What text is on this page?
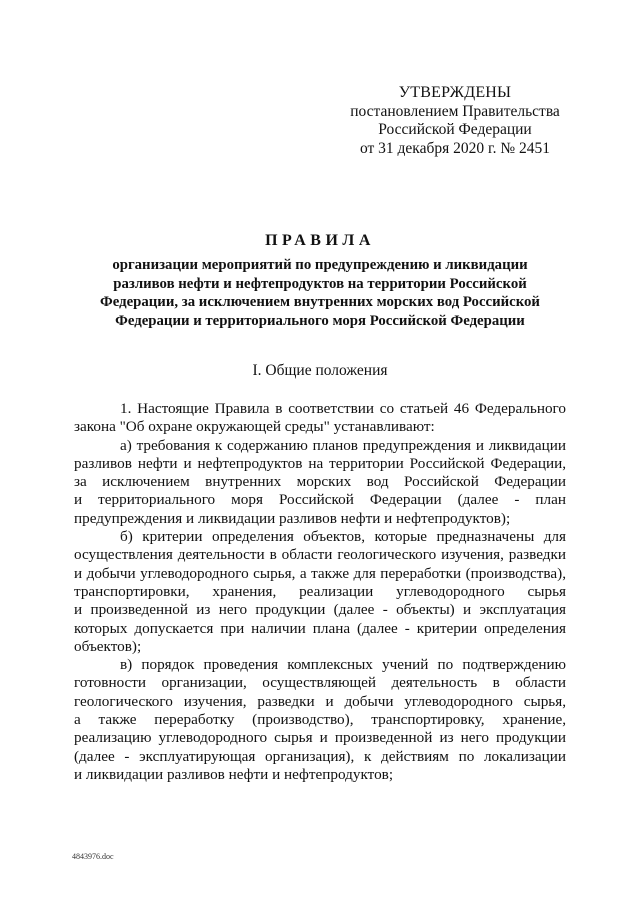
УТВЕРЖДЕНЫ
постановлением Правительства
Российской Федерации
от 31 декабря 2020 г. № 2451
ПРАВИЛА
организации мероприятий по предупреждению и ликвидации
разливов нефти и нефтепродуктов на территории Российской
Федерации, за исключением внутренних морских вод Российской
Федерации и территориального моря Российской Федерации
I. Общие положения
1. Настоящие Правила в соответствии со статьей 46 Федерального
закона "Об охране окружающей среды" устанавливают:
а) требования к содержанию планов предупреждения и ликвидации
разливов нефти и нефтепродуктов на территории Российской Федерации,
за исключением внутренних морских вод Российской Федерации
и территориального моря Российской Федерации (далее - план
предупреждения и ликвидации разливов нефти и нефтепродуктов);
б) критерии определения объектов, которые предназначены для
осуществления деятельности в области геологического изучения, разведки
и добычи углеводородного сырья, а также для переработки (производства),
транспортировки, хранения, реализации углеводородного сырья
и произведенной из него продукции (далее - объекты) и эксплуатация
которых допускается при наличии плана (далее - критерии определения
объектов);
в) порядок проведения комплексных учений по подтверждению
готовности организации, осуществляющей деятельность в области
геологического изучения, разведки и добычи углеводородного сырья,
а также переработку (производство), транспортировку, хранение,
реализацию углеводородного сырья и произведенной из него продукции
(далее - эксплуатирующая организация), к действиям по локализации
и ликвидации разливов нефти и нефтепродуктов;
4843976.doc
